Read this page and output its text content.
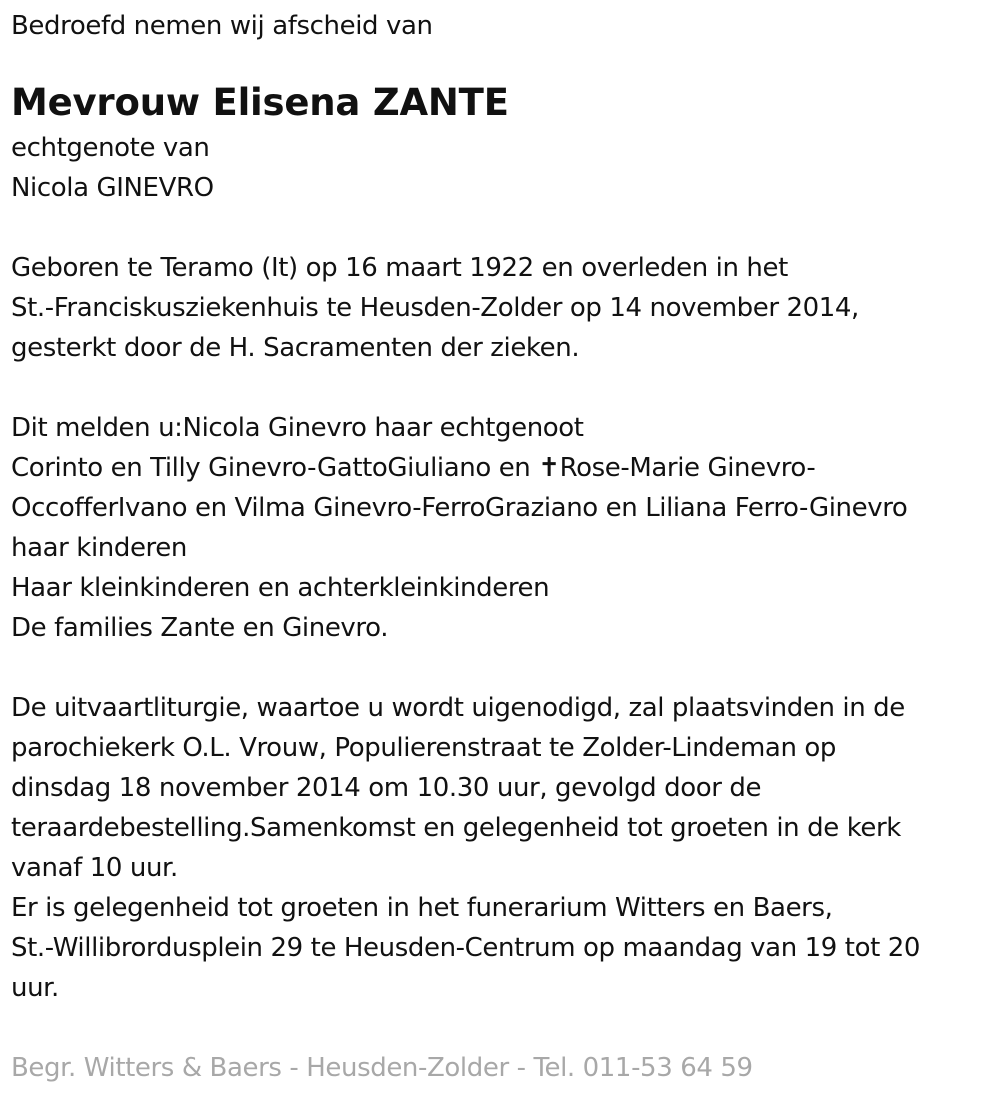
Bedroefd nemen wij afscheid van
Mevrouw Elisena ZANTE
echtgenote van
Nicola GINEVRO
Geboren te Teramo (It) op 16 maart 1922 en overleden in het
St.-Franciskusziekenhuis te Heusden-Zolder op 14 november 2014,
gesterkt door de H. Sacramenten der zieken.
Dit melden u:Nicola Ginevro haar echtgenoot
Corinto en Tilly Ginevro-GattoGiuliano en ✝Rose-Marie Ginevro-
OccofferIvano en Vilma Ginevro-FerroGraziano en Liliana Ferro-Ginevro
haar kinderen
Haar kleinkinderen en achterkleinkinderen
De families Zante en Ginevro.
De uitvaartliturgie, waartoe u wordt uigenodigd, zal plaatsvinden in de
parochiekerk O.L. Vrouw, Populierenstraat te Zolder-Lindeman op
dinsdag 18 november 2014 om 10.30 uur, gevolgd door de
teraardebestelling.Samenkomst en gelegenheid tot groeten in de kerk
vanaf 10 uur.
Er is gelegenheid tot groeten in het funerarium Witters en Baers,
St.-Willibrordusplein 29 te Heusden-Centrum op maandag van 19 tot 20
uur.
Begr. Witters & Baers - Heusden-Zolder - Tel. 011-53 64 59
